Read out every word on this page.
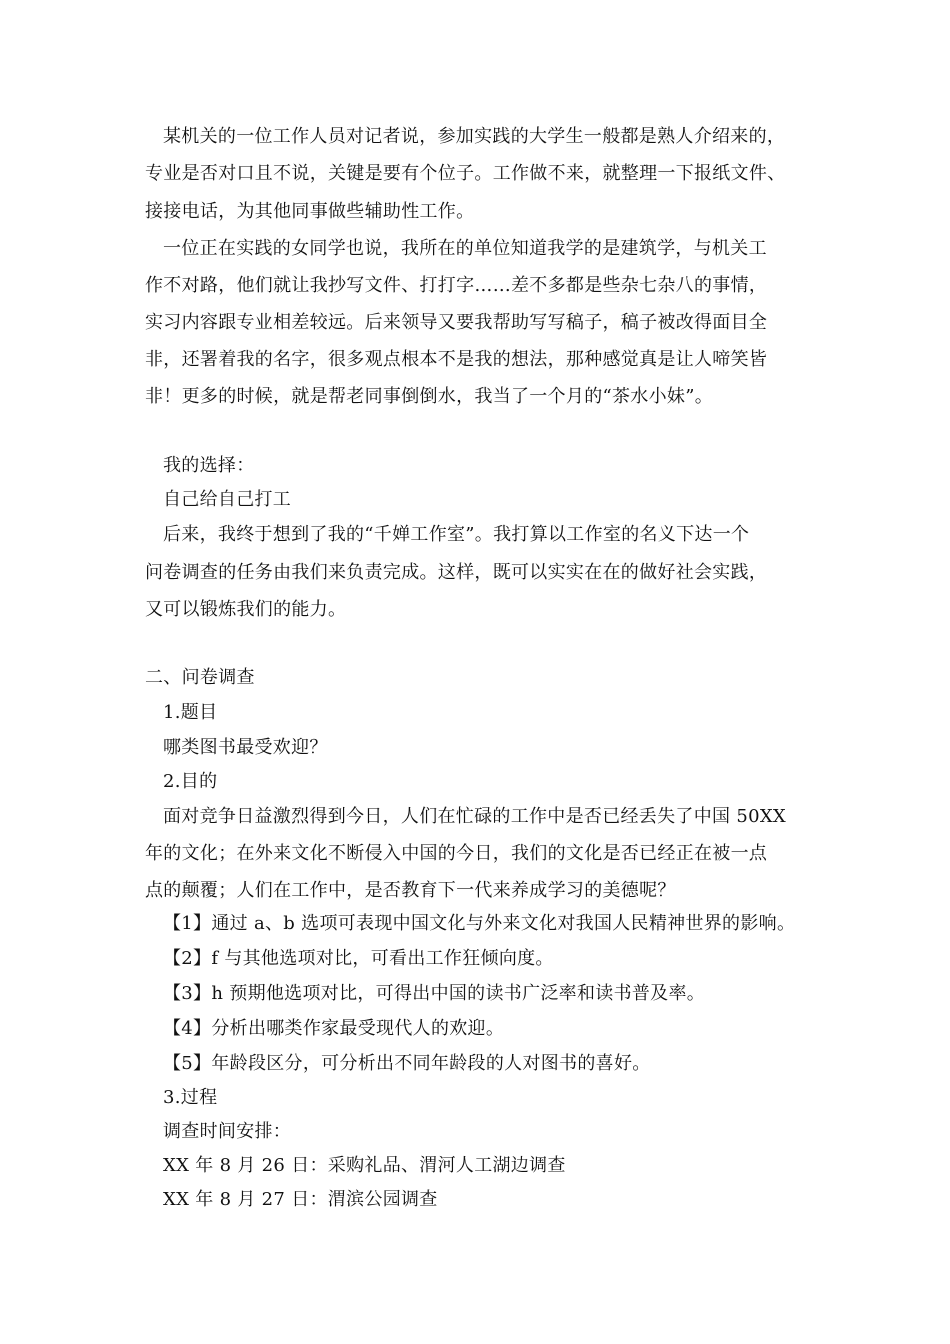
某机关的一位工作人员对记者说，参加实践的大学生一般都是熟人介绍来的，
专业是否对口且不说，关键是要有个位子。工作做不来，就整理一下报纸文件、
接接电话，为其他同事做些辅助性工作。
一位正在实践的女同学也说，我所在的单位知道我学的是建筑学，与机关工
作不对路，他们就让我抄写文件、打打字……差不多都是些杂七杂八的事情，
实习内容跟专业相差较远。后来领导又要我帮助写写稿子，稿子被改得面目全
非，还署着我的名字，很多观点根本不是我的想法，那种感觉真是让人啼笑皆
非！更多的时候，就是帮老同事倒倒水，我当了一个月的“茶水小妹”。
我的选择：
自己给自己打工
后来，我终于想到了我的“千婵工作室”。我打算以工作室的名义下达一个
问卷调查的任务由我们来负责完成。这样，既可以实实在在的做好社会实践，
又可以锻炼我们的能力。
二、问卷调查
1.题目
哪类图书最受欢迎？
2.目的
面对竞争日益激烈得到今日，人们在忙碌的工作中是否已经丢失了中国 50XX
年的文化；在外来文化不断侵入中国的今日，我们的文化是否已经正在被一点
点的颠覆；人们在工作中，是否教育下一代来养成学习的美德呢？
【1】通过 a、b 选项可表现中国文化与外来文化对我国人民精神世界的影响。
【2】f 与其他选项对比，可看出工作狂倾向度。
【3】h 预期他选项对比，可得出中国的读书广泛率和读书普及率。
【4】分析出哪类作家最受现代人的欢迎。
【5】年龄段区分，可分析出不同年龄段的人对图书的喜好。
3.过程
调查时间安排：
XX 年 8 月 26 日：采购礼品、渭河人工湖边调查
XX 年 8 月 27 日：渭滨公园调查
